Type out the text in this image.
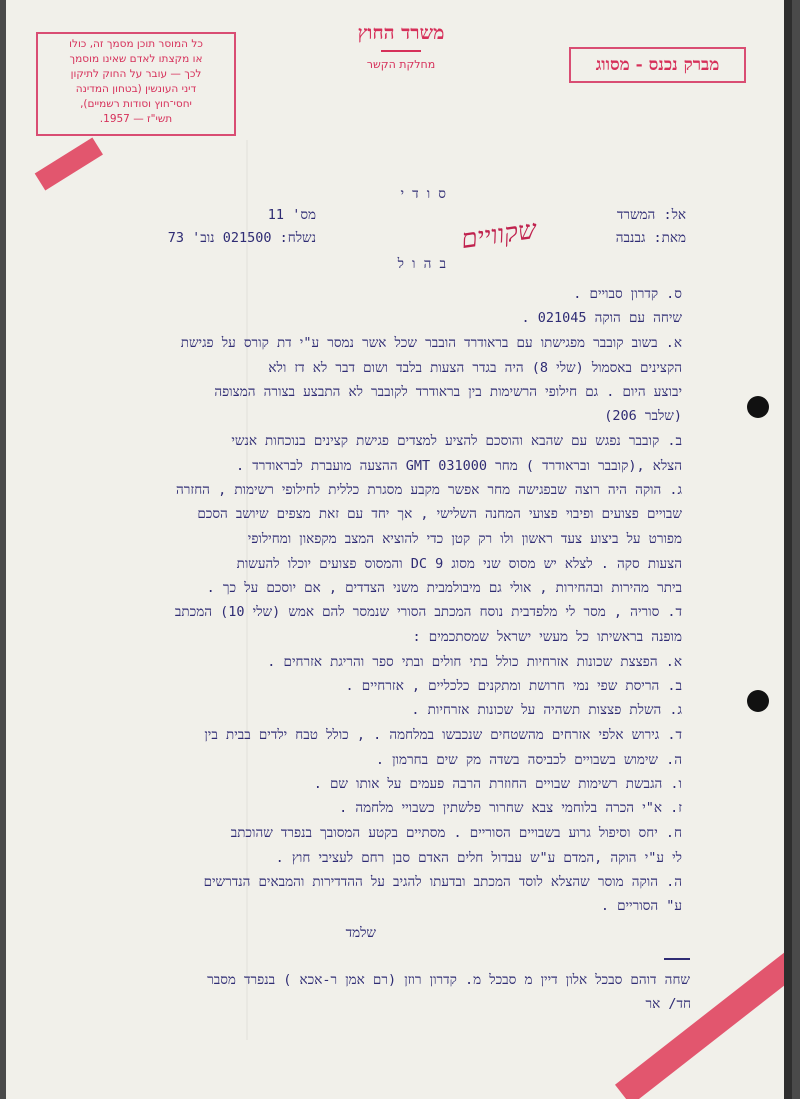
כל המוסר תוכן מסמך זה, כולו
או מקצתו לאדם שאינו מוסמך
לכך — עובר על החוק לתיקון
דיני העונשין (בטחון המדינה
יחסי־חוץ וסודות רשמיים),
תשי"ז — 1957.
משרד החוץ
מחלקת הקשר	מברק נכנס - מסווג
ס ו ד י
מס' 11
נשלח: 021500 נוב' 73
אל: המשרד
מאת: גבנבה
שקוויים
ב ה ו ל
ס. קדרון סבויים .
שיחה עם הוקה 021045 .
א. בשוב קובבר מפגישתו עם בראודרד הובבר שכל אשר נמסר ע"י דת קורס על פגישת
הקצינים באסמול (שלי 8) היה בגדר הצעות בלבד ושום דבר לא דז ולא
יבוצע היום . גם חילופי הרשימות בין בראודרד לקובבר לא התבצע בצורה המצופה
(שלבר 206)
ב. קובבר נפגש עם שהבא והוסכם להציע למצדים פגישת קצינים בנוכחות אנשי
הצלא ,(קובבר ובראודרד ) מחר GMT 031000 ההצעה מועברת לבראודרד .
ג. הוקה היה רוצה שבפגישה מחר אפשר מקבע מסגרת כללית לחילופי רשימות , החזרה
שבויים פצועים ופיבוי פצועי המחנה השלישי , אך יחד עם זאת מצפים שיושב הסכם
מפורט על ביצוע צעד ראשון ולו רק קטן כדי להוציא המצב מקפאון ומחילופי
הצעות סקה . לצלא יש מסוס שני מסוג DC 9 והמסוס פצועים יוכלו להעשות
ביתר מהירות ובהחירות , אולי גם מיבולמבית משני הצדדים , אם יוסכם על כך .
ד. סוריה , מסר לי מלפדבית נוסח המכתב הסורי שנמסר להם אמש (שלי 10) המכתב
מופנה בראשיתו כל מעשי ישראל שמסתכמים :
א. הפצצת שכונות אזרחיות כולל בתי חולים ובתי ספר והריגת אזרחים .
ב. הריסת שפי נמי חרושת ומתקנים כלכליים , אזרחיים .
ג. השלת פצצות תשהיה על שכונות אזרחיות .
ד. גירוש אלפי אזרחים מהשטחים שנכבשו במלחמה . , כולל טבח ילדים בבית בין
ה. שימוש בשבויים לכביסה בשדה מק שים בחרמון .
ו. הגבשת רשימות שבויים החוזרת הרבה פעמים על אותו שם .
ז. א"י הכרה בלוחמי צבא שחרור פלשתין כשבויי מלחמה .
ח. יחס וסיפול גרוע בשבויים הסוריים . מסתיים בקטע המסובך בנפרד שהוכתב
לי ע"י הוקה ,המדם ע"ש עבדול חלים האדם סבן רחם לעציבי חוץ .
ה. הוקה מוסר שהצלא לוסד המכתב ובדעתו להגיב על ההדדירות והמבאים הנדרשים
ע" הסוריים .
שלמד
שחה דוהם סבכל אלון דיין מ סבכל מ. קדרון רוזן (רם אמן ר-אכא ) בנפרד מסבר
חד/ אר
